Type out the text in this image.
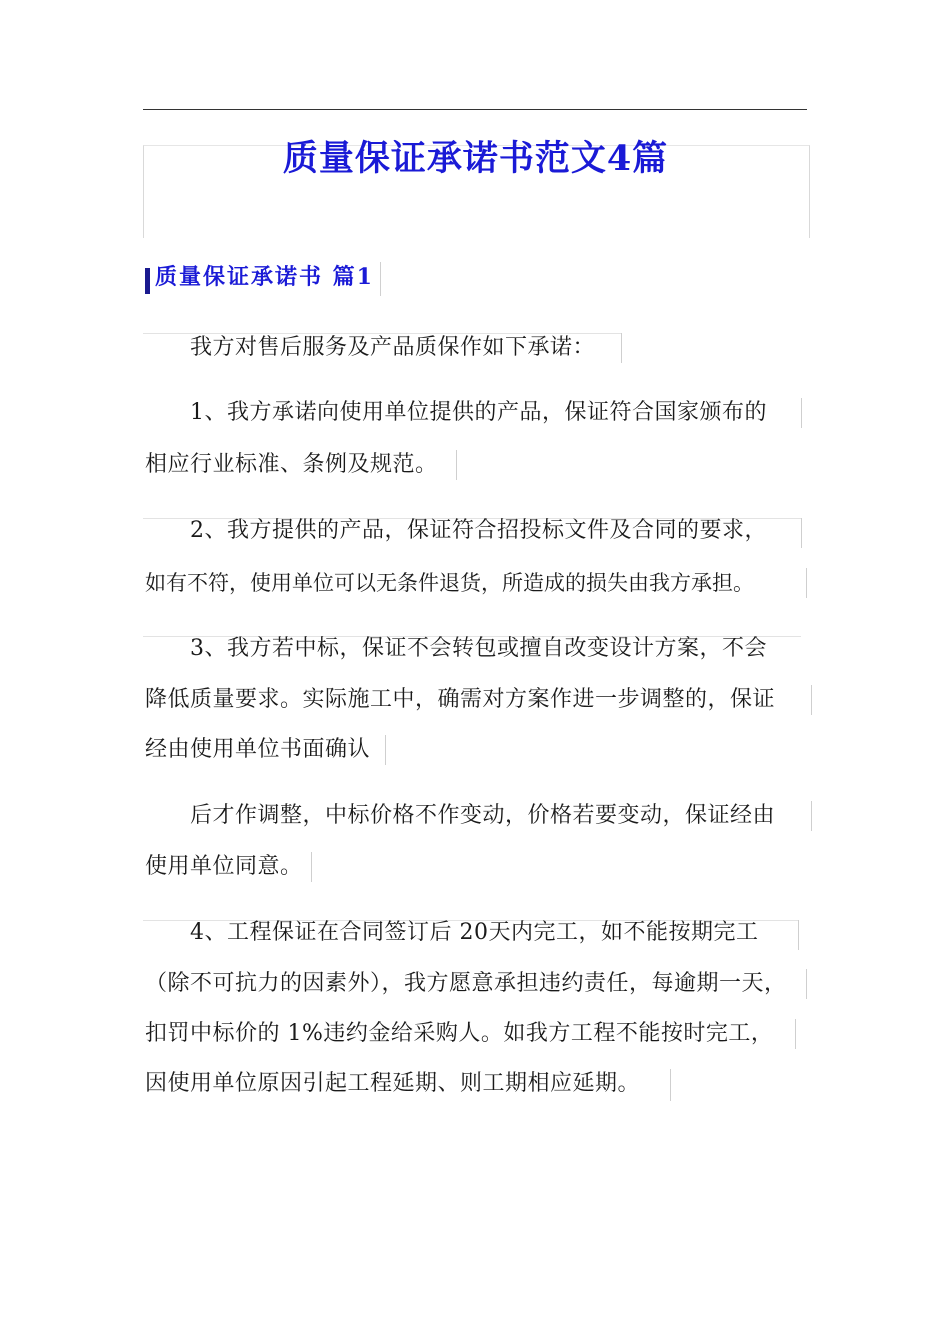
质量保证承诺书范文4篇
质量保证承诺书 篇1
我方对售后服务及产品质保作如下承诺：
1、我方承诺向使用单位提供的产品，保证符合国家颁布的
相应行业标准、条例及规范。
2、我方提供的产品，保证符合招投标文件及合同的要求，
如有不符，使用单位可以无条件退货，所造成的损失由我方承担。
3、我方若中标，保证不会转包或擅自改变设计方案，不会
降低质量要求。实际施工中，确需对方案作进一步调整的，保证
经由使用单位书面确认
后才作调整，中标价格不作变动，价格若要变动，保证经由
使用单位同意。
4、工程保证在合同签订后 20天内完工，如不能按期完工
（除不可抗力的因素外），我方愿意承担违约责任，每逾期一天，
扣罚中标价的 1%违约金给采购人。如我方工程不能按时完工，
因使用单位原因引起工程延期、则工期相应延期。
